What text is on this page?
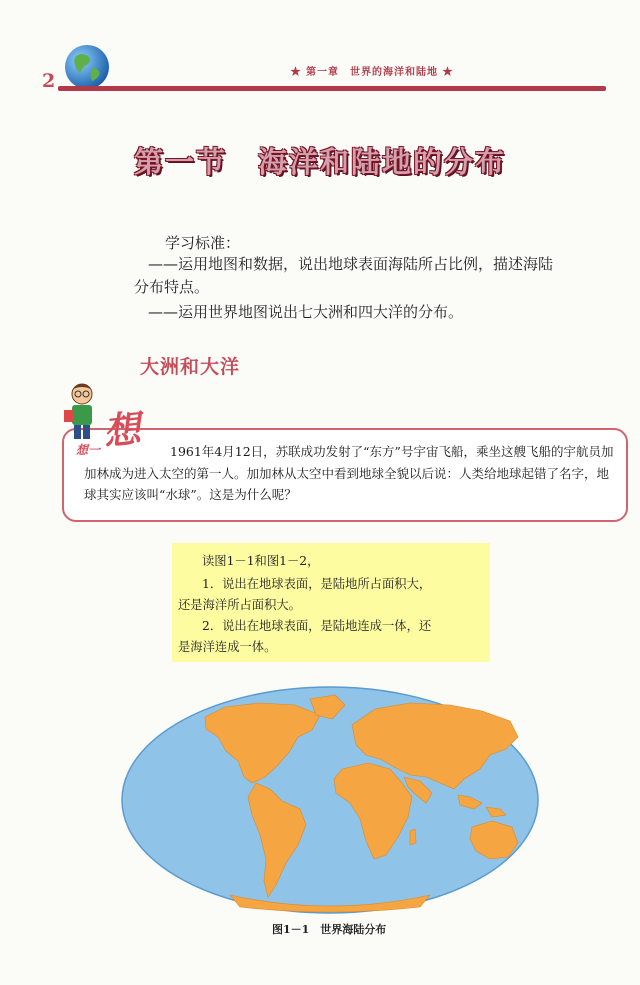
2	★ 第一章　世界的海洋和陆地 ★
第一节　海洋和陆地的分布
学习标准：
——运用地图和数据，说出地球表面海陆所占比例，描述海陆
分布特点。
——运用世界地图说出七大洲和四大洋的分布。
大洲和大洋
想
想一	1961年4月12日，苏联成功发射了“东方”号宇宙飞船，乘坐这艘飞船的宇航员加加林成为进入太空的第一人。加加林从太空中看到地球全貌以后说：人类给地球起错了名字，地球其实应该叫“水球”。这是为什么呢？
读图1－1和图1－2，
1．说出在地球表面，是陆地所占面积大，
还是海洋所占面积大。
2．说出在地球表面，是陆地连成一体，还
是海洋连成一体。
图1－1　世界海陆分布
